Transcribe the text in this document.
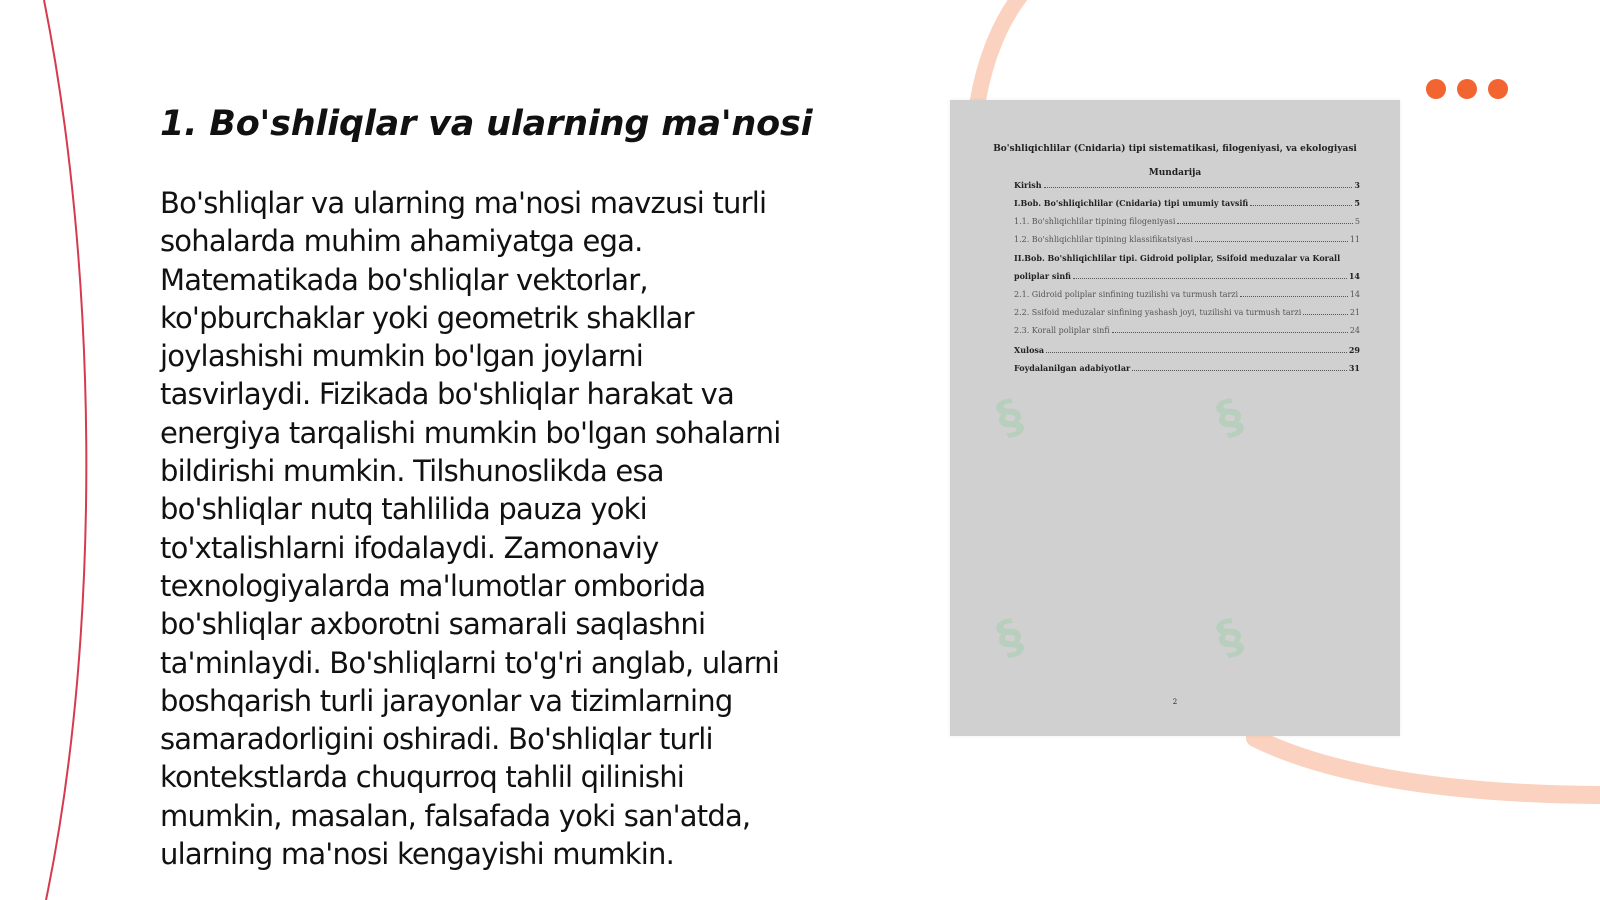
1. Bo'shliqlar va ularning ma'nosi

Bo'shliqlar va ularning ma'nosi mavzusi turli
sohalarda muhim ahamiyatga ega.
Matematikada bo'shliqlar vektorlar,
ko'pburchaklar yoki geometrik shakllar
joylashishi mumkin bo'lgan joylarni
tasvirlaydi. Fizikada bo'shliqlar harakat va
energiya tarqalishi mumkin bo'lgan sohalarni
bildirishi mumkin. Tilshunoslikda esa
bo'shliqlar nutq tahlilida pauza yoki
to'xtalishlarni ifodalaydi. Zamonaviy
texnologiyalarda ma'lumotlar omborida
bo'shliqlar axborotni samarali saqlashni
ta'minlaydi. Bo'shliqlarni to'g'ri anglab, ularni
boshqarish turli jarayonlar va tizimlarning
samaradorligini oshiradi. Bo'shliqlar turli
kontekstlarda chuqurroq tahlil qilinishi
mumkin, masalan, falsafada yoki san'atda,
ularning ma'nosi kengayishi mumkin.

§	§
§	§
Bo'shliqichlilar (Cnidaria) tipi sistematikasi, filogeniyasi, va ekologiyasi
Mundarija
Kirish	3
I.Bob. Bo'shliqichlilar (Cnidaria) tipi umumiy tavsifi	5
1.1. Bo'shliqichlilar tipining filogeniyasi	5
1.2. Bo'shliqichlilar tipining klassifikatsiyasi	11
II.Bob. Bo'shliqichlilar tipi. Gidroid poliplar, Ssifoid meduzalar va Korall
poliplar sinfi	14
2.1. Gidroid poliplar sinfining tuzilishi va turmush tarzi	14
2.2. Ssifoid meduzalar sinfining yashash joyi, tuzilishi va turmush tarzi	21
2.3. Korall poliplar sinfi	24
Xulosa	29
Foydalanilgan adabiyotlar	31
2
